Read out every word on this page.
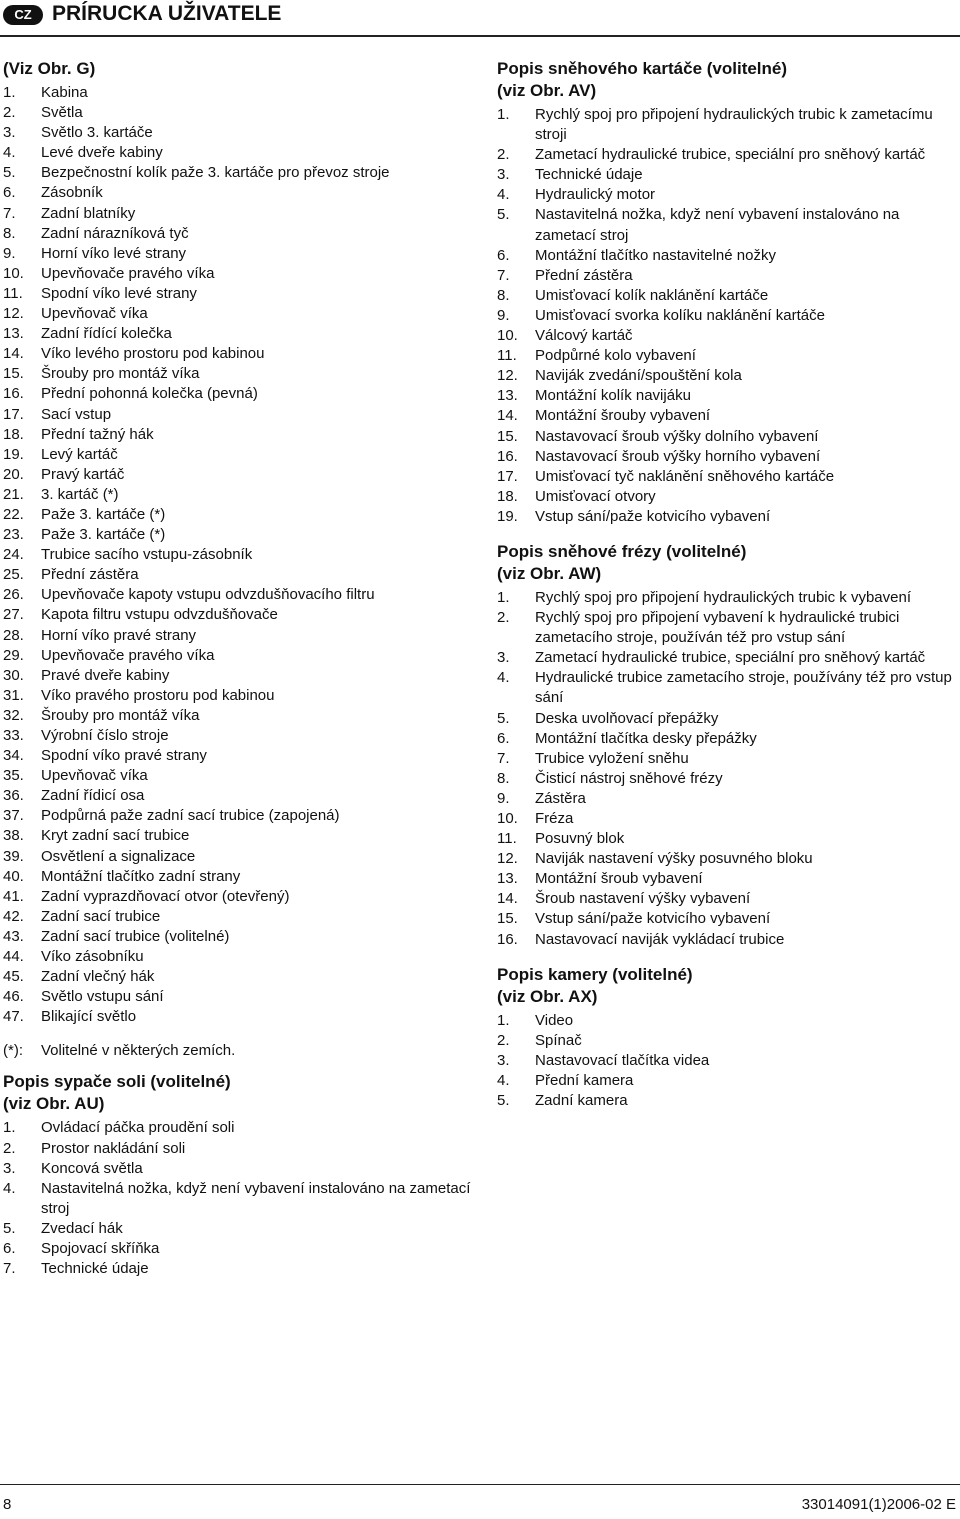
CZ PRÍRUCKA UŽIVATELE
(Viz Obr. G)
1. Kabina
2. Světla
3. Světlo 3. kartáče
4. Levé dveře kabiny
5. Bezpečnostní kolík paže 3. kartáče pro převoz stroje
6. Zásobník
7. Zadní blatníky
8. Zadní nárazníková tyč
9. Horní víko levé strany
10. Upevňovače pravého víka
11. Spodní víko levé strany
12. Upevňovač víka
13. Zadní řídící kolečka
14. Víko levého prostoru pod kabinou
15. Šrouby pro montáž víka
16. Přední pohonná kolečka (pevná)
17. Sací vstup
18. Přední tažný hák
19. Levý kartáč
20. Pravý kartáč
21. 3. kartáč (*)
22. Paže 3. kartáče (*)
23. Paže 3. kartáče (*)
24. Trubice sacího vstupu-zásobník
25. Přední zástěra
26. Upevňovače kapoty vstupu odvzdušňovacího filtru
27. Kapota filtru vstupu odvzdušňovače
28. Horní víko pravé strany
29. Upevňovače pravého víka
30. Pravé dveře kabiny
31. Víko pravého prostoru pod kabinou
32. Šrouby pro montáž víka
33. Výrobní číslo stroje
34. Spodní víko pravé strany
35. Upevňovač víka
36. Zadní řídicí osa
37. Podpůrná paže zadní sací trubice (zapojená)
38. Kryt zadní sací trubice
39. Osvětlení a signalizace
40. Montážní tlačítko zadní strany
41. Zadní vyprazdňovací otvor (otevřený)
42. Zadní sací trubice
43. Zadní sací trubice (volitelné)
44. Víko zásobníku
45. Zadní vlečný hák
46. Světlo vstupu sání
47. Blikající světlo
(*): Volitelné v některých zemích.
Popis sypače soli (volitelné)
(viz Obr. AU)
1. Ovládací páčka proudění soli
2. Prostor nakládání soli
3. Koncová světla
4. Nastavitelná nožka, když není vybavení instalováno na zametací stroj
5. Zvedací hák
6. Spojovací skříňka
7. Technické údaje
Popis sněhového kartáče (volitelné)
(viz Obr. AV)
1. Rychlý spoj pro připojení hydraulických trubic k zametacímu stroji
2. Zametací hydraulické trubice, speciální pro sněhový kartáč
3. Technické údaje
4. Hydraulický motor
5. Nastavitelná nožka, když není vybavení instalováno na zametací stroj
6. Montážní tlačítko nastavitelné nožky
7. Přední zástěra
8. Umisťovací kolík naklánění kartáče
9. Umisťovací svorka kolíku naklánění kartáče
10. Válcový kartáč
11. Podpůrné kolo vybavení
12. Naviják zvedání/spouštění kola
13. Montážní kolík navijáku
14. Montážní šrouby vybavení
15. Nastavovací šroub výšky dolního vybavení
16. Nastavovací šroub výšky horního vybavení
17. Umisťovací tyč naklánění sněhového kartáče
18. Umisťovací otvory
19. Vstup sání/paže kotvicího vybavení
Popis sněhové frézy (volitelné)
(viz Obr. AW)
1. Rychlý spoj pro připojení hydraulických trubic k vybavení
2. Rychlý spoj pro připojení vybavení k hydraulické trubici zametacího stroje, používán též pro vstup sání
3. Zametací hydraulické trubice, speciální pro sněhový kartáč
4. Hydraulické trubice zametacího stroje, používány též pro vstup sání
5. Deska uvolňovací přepážky
6. Montážní tlačítka desky přepážky
7. Trubice vyložení sněhu
8. Čisticí nástroj sněhové frézy
9. Zástěra
10. Fréza
11. Posuvný blok
12. Naviják nastavení výšky posuvného bloku
13. Montážní šroub vybavení
14. Šroub nastavení výšky vybavení
15. Vstup sání/paže kotvicího vybavení
16. Nastavovací naviják vykládací trubice
Popis kamery (volitelné)
(viz Obr. AX)
1. Video
2. Spínač
3. Nastavovací tlačítka videa
4. Přední kamera
5. Zadní kamera
8	33014091(1)2006-02 E
